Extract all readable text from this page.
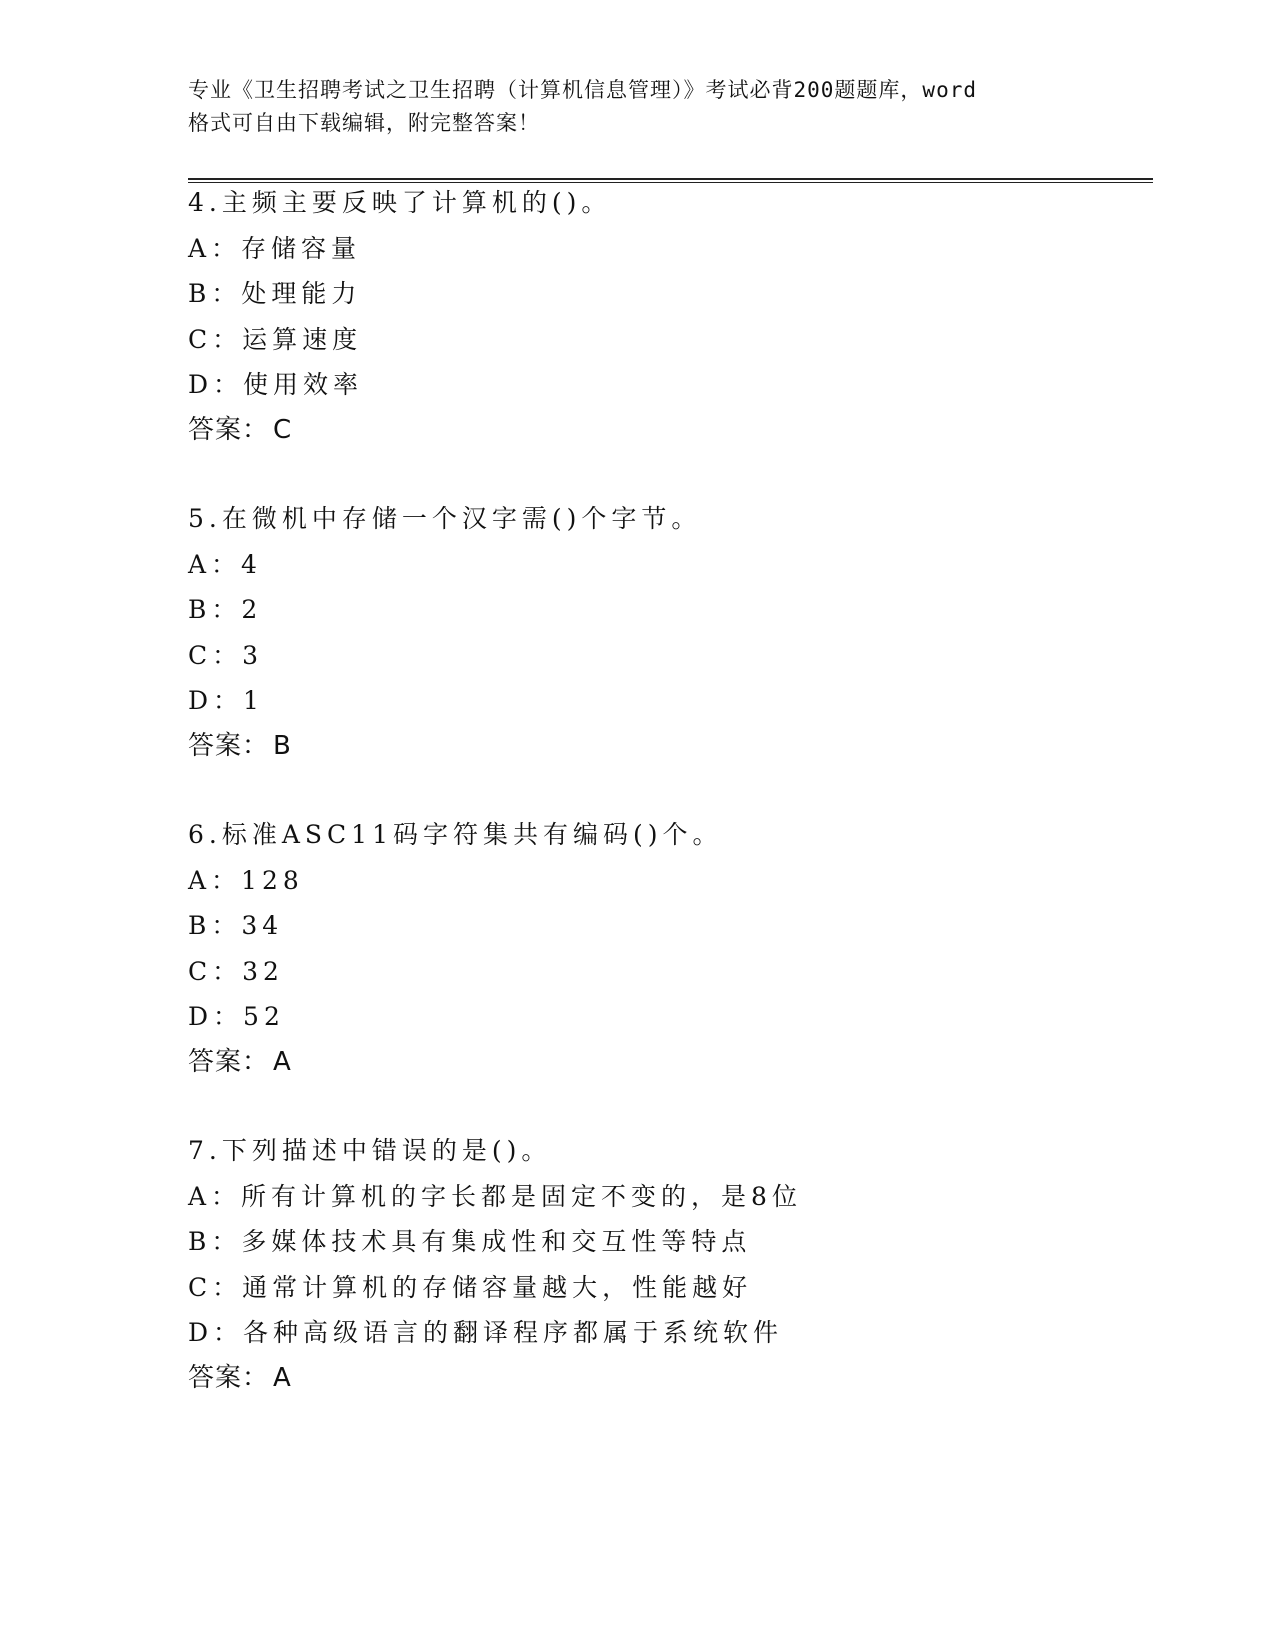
专业《卫生招聘考试之卫生招聘（计算机信息管理）》考试必背200题题库，word
格式可自由下载编辑，附完整答案！
4.主频主要反映了计算机的()。
A：存储容量
B：处理能力
C：运算速度
D：使用效率
答案： C
5.在微机中存储一个汉字需()个字节。
A：4
B：2
C：3
D：1
答案： B
6.标准ASC11码字符集共有编码()个。
A：128
B：34
C：32
D：52
答案： A
7.下列描述中错误的是()。
A：所有计算机的字长都是固定不变的，是8位
B：多媒体技术具有集成性和交互性等特点
C：通常计算机的存储容量越大，性能越好
D：各种高级语言的翻译程序都属于系统软件
答案： A
